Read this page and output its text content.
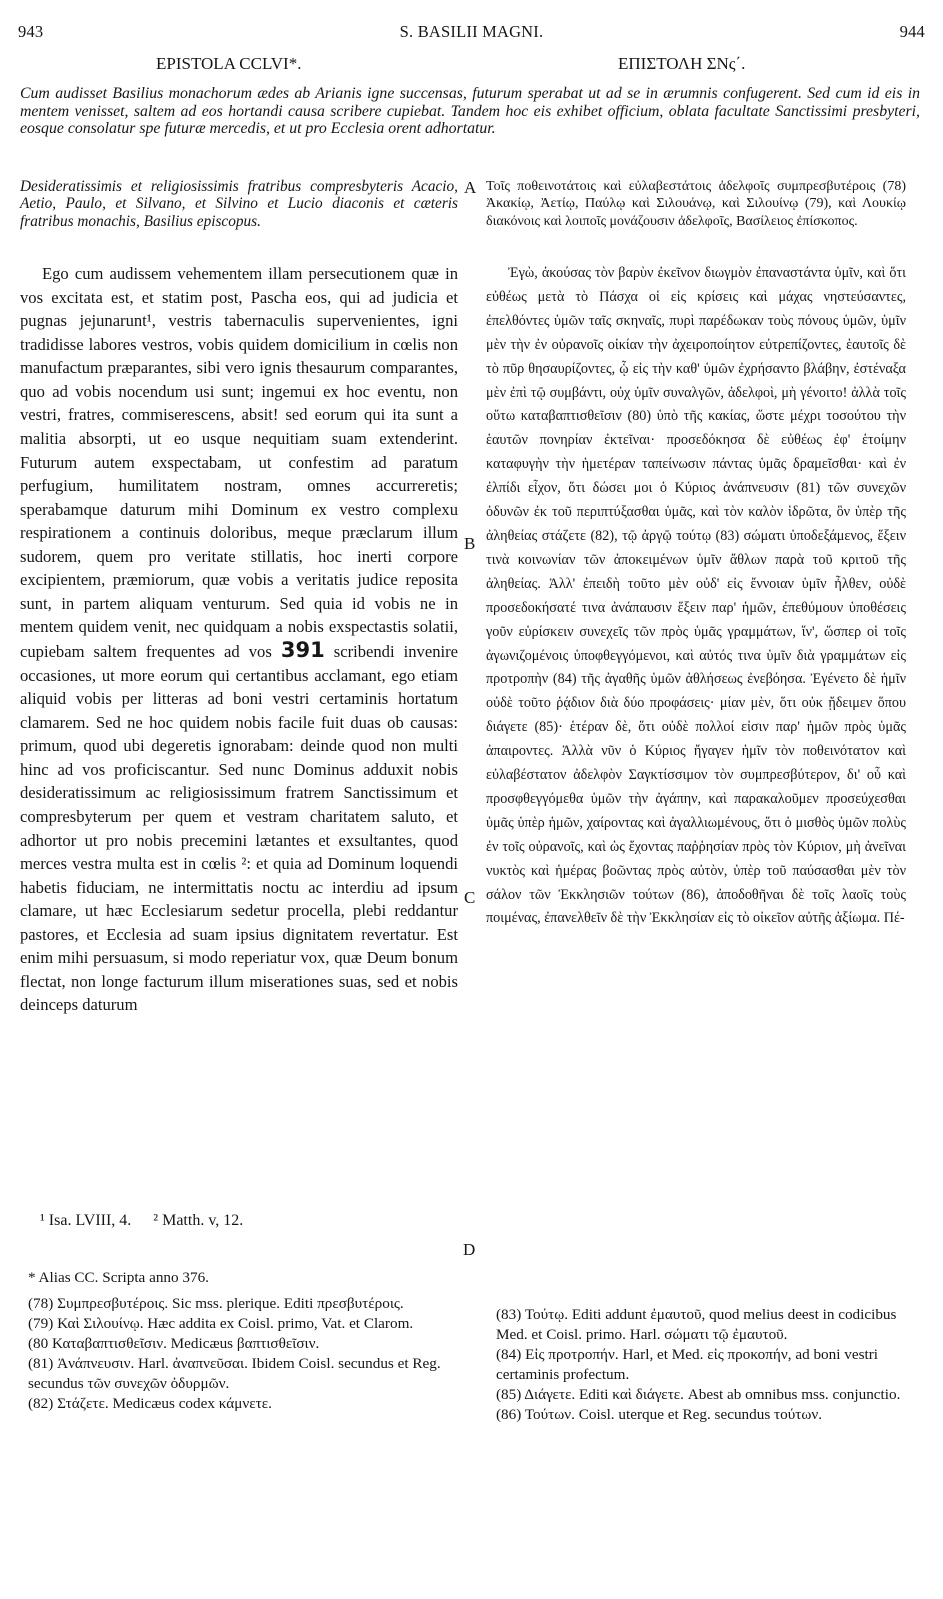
943	S. BASILII MAGNI.	944
EPISTOLA CCLVI*.	ΕΠΙΣΤΟΛΗ ΣΝς΄.
Cum audisset Basilius monachorum ædes ab Arianis igne succensas, futurum sperabat ut ad se in ærumnis confugerent. Sed cum id eis in mentem venisset, saltem ad eos hortandi causa scribere cupiebat. Tandem hoc eis exhibet officium, oblata facultate Sanctissimi presbyteri, eosque consolatur spe futuræ mercedis, et ut pro Ecclesia orent adhortatur.
Desideratissimis et religiosissimis fratribus compresbyteris Acacio, Aetio, Paulo, et Silvano, et Silvino et Lucio diaconis et cæteris fratribus monachis, Basilius episcopus.
Τοῖς ποθεινοτάτοις καὶ εὐλαβεστάτοις ἀδελφοῖς συμπρεσβυτέροις (78) Ἀκακίῳ, Ἀετίῳ, Παύλῳ καὶ Σιλουάνῳ, καὶ Σιλουίνῳ (79), καὶ Λουκίῳ διακόνοις καὶ λοιποῖς μονάζουσιν ἀδελφοῖς, Βασίλειος ἐπίσκοπος.

Ego cum audissem vehementem illam persecutionem quæ in vos excitata est, et statim post, Pascha eos, qui ad judicia et pugnas jejunarunt¹, vestris tabernaculis supervenientes, igni tradidisse labores vestros, vobis quidem domicilium in cœlis non manufactum præparantes, sibi vero ignis thesaurum comparantes, quo ad vobis nocendum usi sunt; ingemui ex hoc eventu, non vestri, fratres, commiserescens, absit! sed eorum qui ita sunt a malitia absorpti, ut eo usque nequitiam suam extenderint. Futurum autem exspectabam, ut confestim ad paratum perfugium, humilitatem nostram, omnes accurreretis; sperabamque daturum mihi Dominum ex vestro complexu respirationem a continuis doloribus, meque præclarum illum sudorem, quem pro veritate stillatis, hoc inerti corpore excipientem, præmiorum, quæ vobis a veritatis judice reposita sunt, in partem aliquam venturum. Sed quia id vobis ne in mentem quidem venit, nec quidquam a nobis exspectastis solatii, cupiebam saltem frequentes ad vos 391 scribendi invenire occasiones, ut more eorum qui certantibus acclamant, ego etiam aliquid vobis per litteras ad boni vestri certaminis hortatum clamarem. Sed ne hoc quidem nobis facile fuit duas ob causas: primum, quod ubi degeretis ignorabam: deinde quod non multi hinc ad vos proficiscantur. Sed nunc Dominus adduxit nobis desideratissimum ac religiosissimum fratrem Sanctissimum et compresbyterum per quem et vestram charitatem saluto, et adhortor ut pro nobis precemini lætantes et exsultantes, quod merces vestra multa est in cœlis ²: et quia ad Dominum loquendi habetis fiduciam, ne intermittatis noctu ac interdiu ad ipsum clamare, ut hæc Ecclesiarum sedetur procella, plebi reddantur pastores, et Ecclesia ad suam ipsius dignitatem revertatur. Est enim mihi persuasum, si modo reperiatur vox, quæ Deum bonum flectat, non longe facturum illum miserationes suas, sed et nobis deinceps daturum

Ἐγὼ, ἀκούσας τὸν βαρὺν ἐκεῖνον διωγμὸν ἐπαναστάντα ὑμῖν, καὶ ὅτι εὐθέως μετὰ τὸ Πάσχα οἱ εἰς κρίσεις καὶ μάχας νηστεύσαντες, ἐπελθόντες ὑμῶν ταῖς σκηναῖς, πυρὶ παρέδωκαν τοὺς πόνους ὑμῶν, ὑμῖν μὲν τὴν ἐν οὐρανοῖς οἰκίαν τὴν ἀχειροποίητον εὐτρεπίζοντες, ἑαυτοῖς δὲ τὸ πῦρ θησαυρίζοντες, ᾧ εἰς τὴν καθ' ὑμῶν ἐχρήσαντο βλάβην, ἐστέναξα μὲν ἐπὶ τῷ συμβάντι, οὐχ ὑμῖν συναλγῶν, ἀδελφοὶ, μὴ γένοιτο! ἀλλὰ τοῖς οὕτω καταβαπτισθεῖσιν (80) ὑπὸ τῆς κακίας, ὥστε μέχρι τοσούτου τὴν ἑαυτῶν πονηρίαν ἐκτεῖναι· προσεδόκησα δὲ εὐθέως ἐφ' ἑτοίμην καταφυγὴν τὴν ἡμετέραν ταπείνωσιν πάντας ὑμᾶς δραμεῖσθαι· καὶ ἐν ἐλπίδι εἶχον, ὅτι δώσει μοι ὁ Κύριος ἀνάπνευσιν (81) τῶν συνεχῶν ὀδυνῶν ἐκ τοῦ περιπτύξασθαι ὑμᾶς, καὶ τὸν καλὸν ἱδρῶτα, ὃν ὑπὲρ τῆς ἀληθείας στάζετε (82), τῷ ἀργῷ τούτῳ (83) σώματι ὑποδεξάμενος, ἕξειν τινὰ κοινωνίαν τῶν ἀποκειμένων ὑμῖν ἄθλων παρὰ τοῦ κριτοῦ τῆς ἀληθείας. Ἀλλ' ἐπειδὴ τοῦτο μὲν οὐδ' εἰς ἔννοιαν ὑμῖν ἦλθεν, οὐδὲ προσεδοκήσατέ τινα ἀνάπαυσιν ἕξειν παρ' ἡμῶν, ἐπεθύμουν ὑποθέσεις γοῦν εὑρίσκειν συνεχεῖς τῶν πρὸς ὑμᾶς γραμμάτων, ἵν', ὥσπερ οἱ τοῖς ἀγωνιζομένοις ὑποφθεγγόμενοι, καὶ αὐτός τινα ὑμῖν διὰ γραμμάτων εἰς προτροπὴν (84) τῆς ἀγαθῆς ὑμῶν ἀθλήσεως ἐνεβόησα. Ἐγένετο δὲ ἡμῖν οὐδὲ τοῦτο ῥᾴδιον διὰ δύο προφάσεις· μίαν μὲν, ὅτι οὐκ ᾔδειμεν ὅπου διάγετε (85)· ἑτέραν δὲ, ὅτι οὐδὲ πολλοί εἰσιν παρ' ἡμῶν πρὸς ὑμᾶς ἀπαιροντες. Ἀλλὰ νῦν ὁ Κύριος ἤγαγεν ἡμῖν τὸν ποθεινότατον καὶ εὐλαβέστατον ἀδελφὸν Σαγκτίσσιμον τὸν συμπρεσβύτερον, δι' οὗ καὶ προσφθεγγόμεθα ὑμῶν τὴν ἀγάπην, καὶ παρακαλοῦμεν προσεύχεσθαι ὑμᾶς ὑπὲρ ἡμῶν, χαίροντας καὶ ἀγαλλιωμένους, ὅτι ὁ μισθὸς ὑμῶν πολὺς ἐν τοῖς οὐρανοῖς, καὶ ὡς ἔχοντας παῤῥησίαν πρὸς τὸν Κύριον, μὴ ἀνεῖναι νυκτὸς καὶ ἡμέρας βοῶντας πρὸς αὐτὸν, ὑπὲρ τοῦ παύσασθαι μὲν τὸν σάλον τῶν Ἐκκλησιῶν τούτων (86), ἀποδοθῆναι δὲ τοῖς λαοῖς τοὺς ποιμένας, ἐπανελθεῖν δὲ τὴν Ἐκκλησίαν εἰς τὸ οἰκεῖον αὐτῆς ἀξίωμα. Πέ-

A
B
C
¹ Isa. LVIII, 4. ² Matth. v, 12.
D
* Alias CC. Scripta anno 376.
(78) Συμπρεσβυτέροις. Sic mss. plerique. Editi πρεσβυτέροις.
(79) Καὶ Σιλουίνῳ. Hæc addita ex Coisl. primo, Vat. et Clarom.
(80 Καταβαπτισθεῖσιν. Medicæus βαπτισθεῖσιν.
(81) Ἀνάπνευσιν. Harl. ἀναπνεῦσαι. Ibidem Coisl. secundus et Reg. secundus τῶν συνεχῶν ὀδυρμῶν.
(82) Στάζετε. Medicæus codex κάμνετε.
(83) Τούτῳ. Editi addunt ἐμαυτοῦ, quod melius deest in codicibus Med. et Coisl. primo. Harl. σώματι τῷ ἐμαυτοῦ.
(84) Εἰς προτροπήν. Harl, et Med. εἰς προκοπήν, ad boni vestri certaminis profectum.
(85) Διάγετε. Editi καὶ διάγετε. Abest ab omnibus mss. conjunctio.
(86) Τούτων. Coisl. uterque et Reg. secundus τούτων.
